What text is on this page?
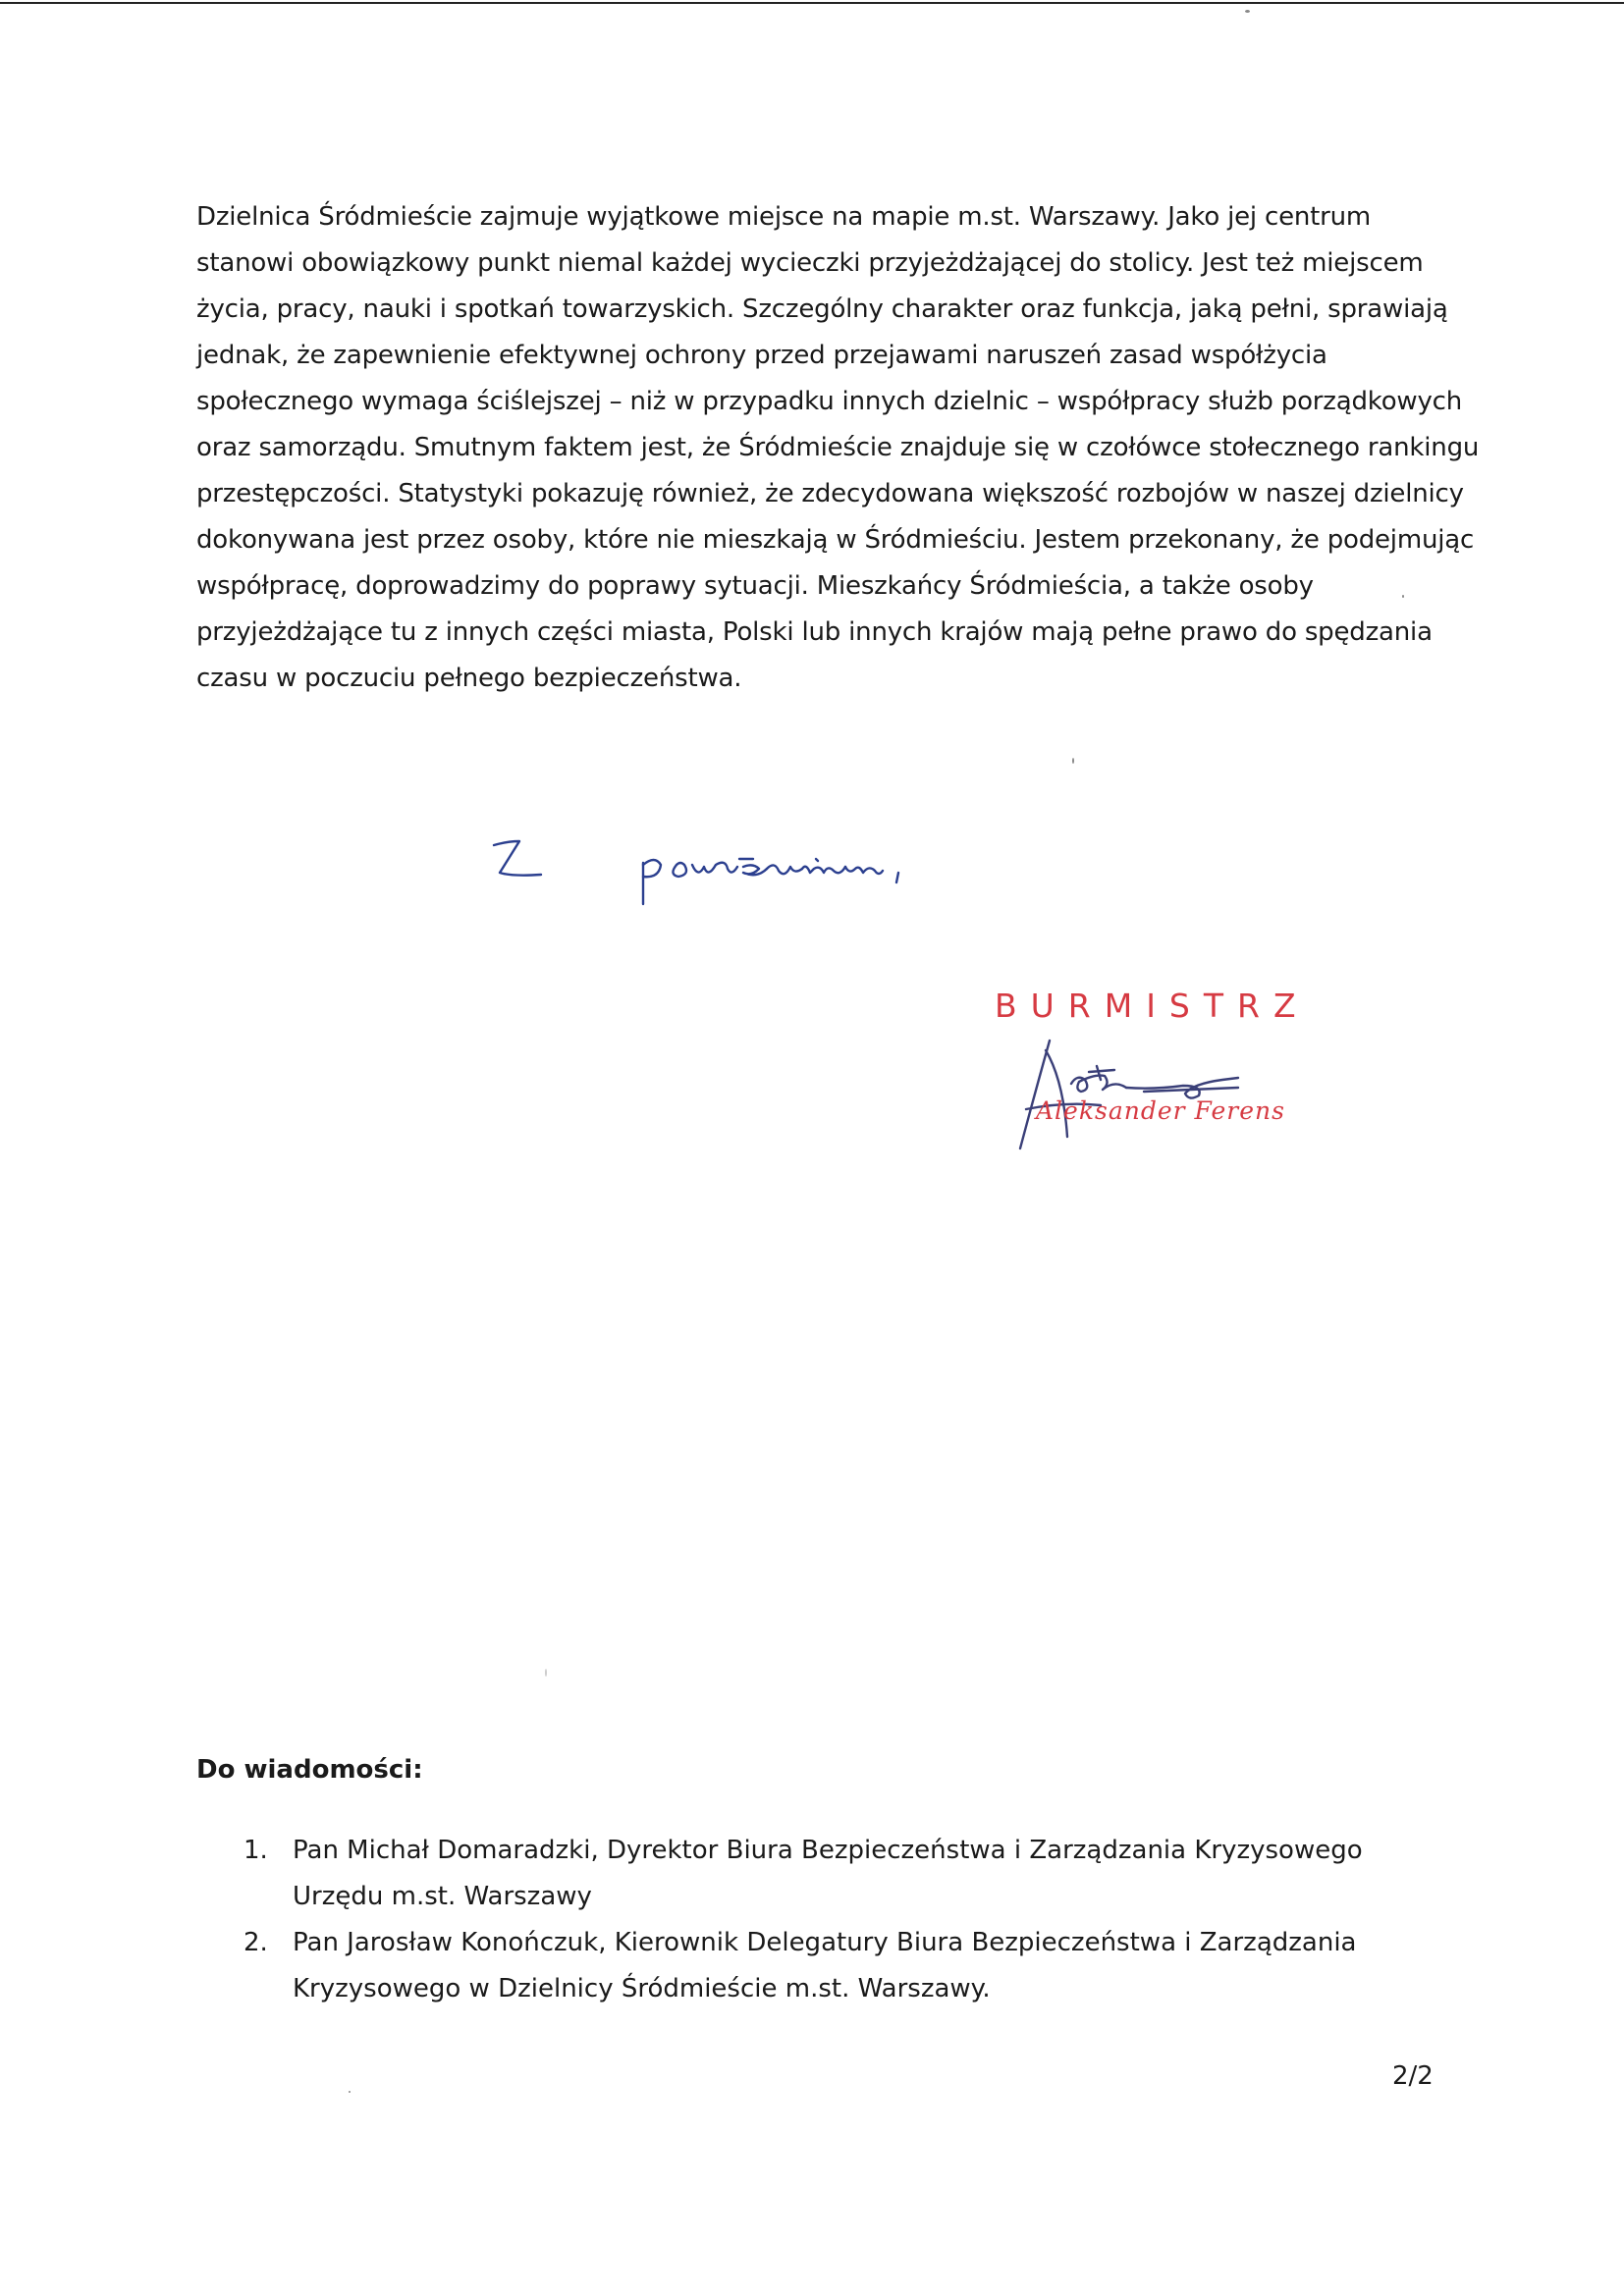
Dzielnica Śródmieście zajmuje wyjątkowe miejsce na mapie m.st. Warszawy. Jako jej centrum
stanowi obowiązkowy punkt niemal każdej wycieczki przyjeżdżającej do stolicy. Jest też miejscem
życia, pracy, nauki i spotkań towarzyskich. Szczególny charakter oraz funkcja, jaką pełni, sprawiają
jednak, że zapewnienie efektywnej ochrony przed przejawami naruszeń zasad współżycia
społecznego wymaga ściślejszej – niż w przypadku innych dzielnic – współpracy służb porządkowych
oraz samorządu. Smutnym faktem jest, że Śródmieście znajduje się w czołówce stołecznego rankingu
przestępczości. Statystyki pokazuję również, że zdecydowana większość rozbojów w naszej dzielnicy
dokonywana jest przez osoby, które nie mieszkają w Śródmieściu. Jestem przekonany, że podejmując
współpracę, doprowadzimy do poprawy sytuacji. Mieszkańcy Śródmieścia, a także osoby
przyjeżdżające tu z innych części miasta, Polski lub innych krajów mają pełne prawo do spędzania
czasu w poczuciu pełnego bezpieczeństwa.
BURMISTRZ
Aleksander Ferens
Do wiadomości:
1. Pan Michał Domaradzki, Dyrektor Biura Bezpieczeństwa i Zarządzania Kryzysowego
Urzędu m.st. Warszawy
2. Pan Jarosław Konończuk, Kierownik Delegatury Biura Bezpieczeństwa i Zarządzania
Kryzysowego w Dzielnicy Śródmieście m.st. Warszawy.
2/2
